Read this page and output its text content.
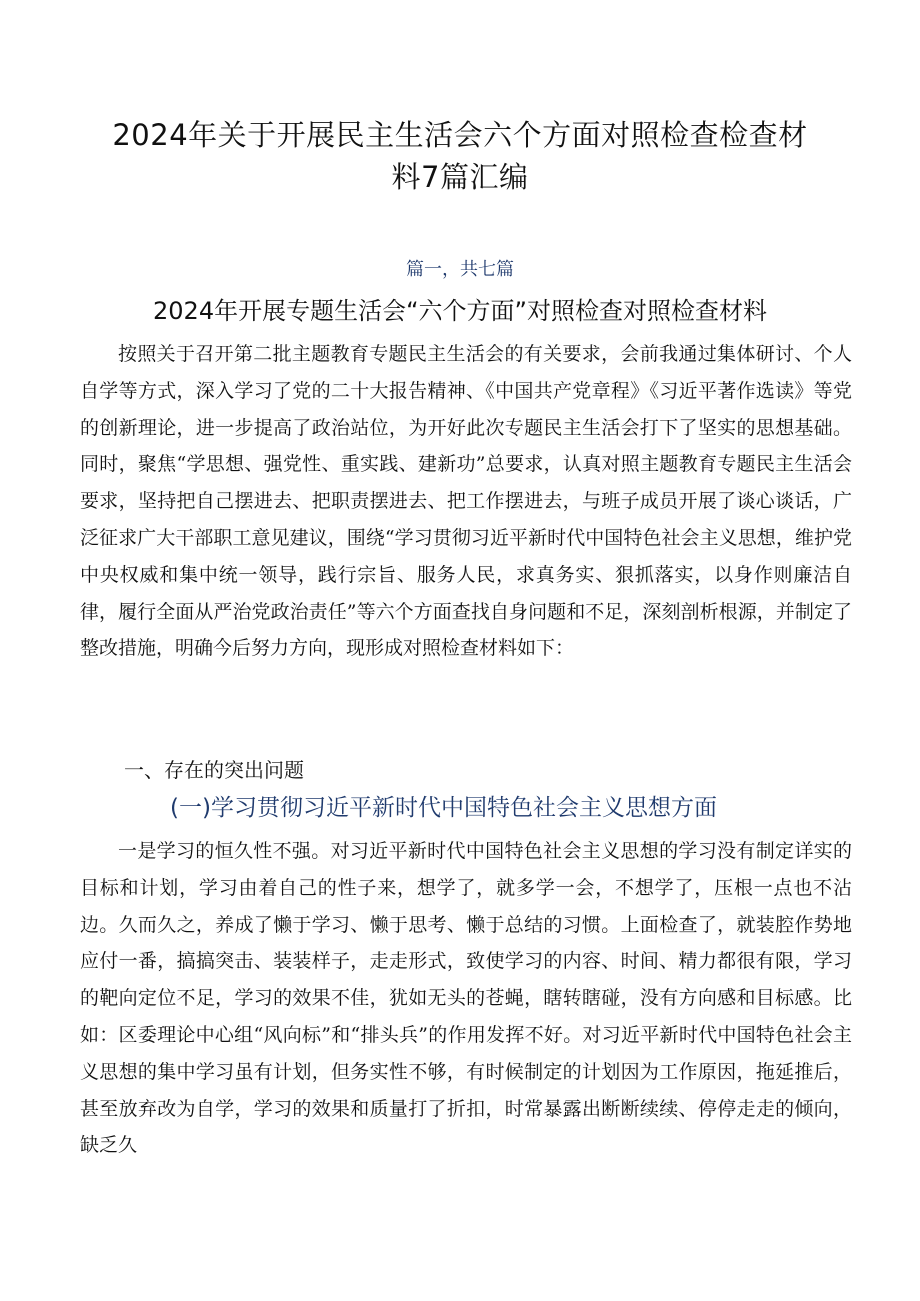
2024年关于开展民主生活会六个方面对照检查检查材料7篇汇编
篇一，共七篇
2024年开展专题生活会“六个方面”对照检查对照检查材料

按照关于召开第二批主题教育专题民主生活会的有关要求，会前我通过集体研讨、个人自学等方式，深入学习了党的二十大报告精神、《中国共产党章程》《习近平著作选读》等党的创新理论，进一步提高了政治站位，为开好此次专题民主生活会打下了坚实的思想基础。同时，聚焦“学思想、强党性、重实践、建新功”总要求，认真对照主题教育专题民主生活会要求，坚持把自己摆进去、把职责摆进去、把工作摆进去，与班子成员开展了谈心谈话，广泛征求广大干部职工意见建议，围绕“学习贯彻习近平新时代中国特色社会主义思想，维护党中央权威和集中统一领导，践行宗旨、服务人民，求真务实、狠抓落实，以身作则廉洁自律，履行全面从严治党政治责任”等六个方面查找自身问题和不足，深刻剖析根源，并制定了整改措施，明确今后努力方向，现形成对照检查材料如下：

一、存在的突出问题
(一)学习贯彻习近平新时代中国特色社会主义思想方面

一是学习的恒久性不强。对习近平新时代中国特色社会主义思想的学习没有制定详实的目标和计划，学习由着自己的性子来，想学了，就多学一会，不想学了，压根一点也不沾边。久而久之，养成了懒于学习、懒于思考、懒于总结的习惯。上面检查了，就装腔作势地应付一番，搞搞突击、装装样子，走走形式，致使学习的内容、时间、精力都很有限，学习的靶向定位不足，学习的效果不佳，犹如无头的苍蝇，瞎转瞎碰，没有方向感和目标感。比如：区委理论中心组“风向标”和“排头兵”的作用发挥不好。对习近平新时代中国特色社会主义思想的集中学习虽有计划，但务实性不够，有时候制定的计划因为工作原因，拖延推后，甚至放弃改为自学，学习的效果和质量打了折扣，时常暴露出断断续续、停停走走的倾向，缺乏久
